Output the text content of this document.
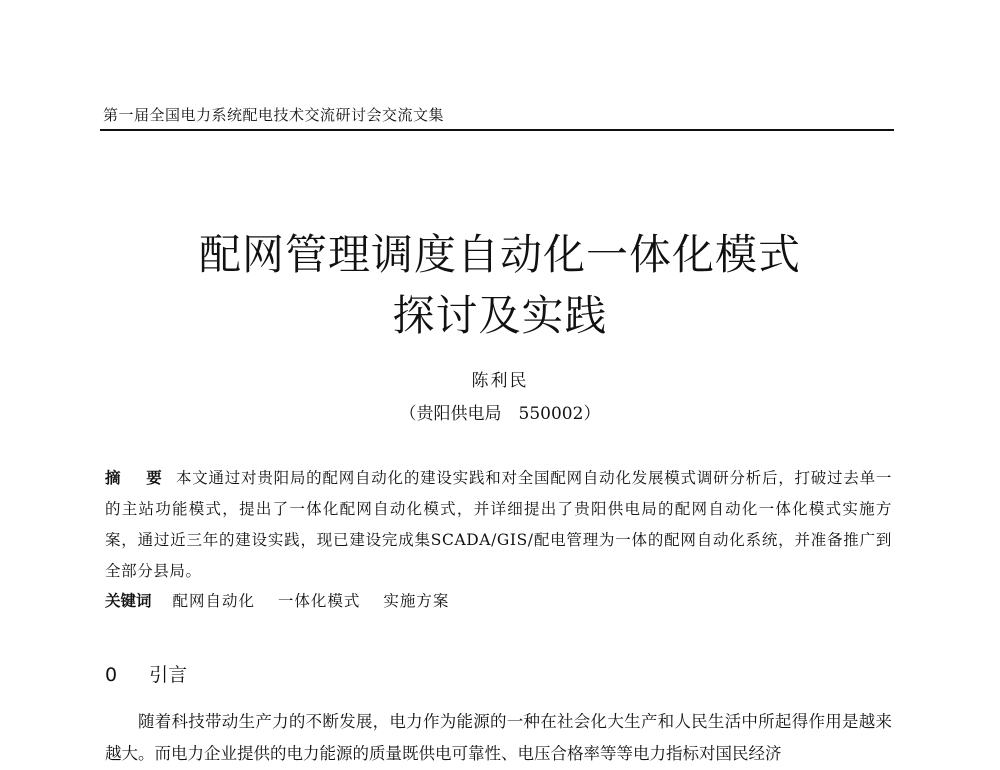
第一届全国电力系统配电技术交流研讨会交流文集
配网管理调度自动化一体化模式
探讨及实践
陈利民
（贵阳供电局　550002）
摘 要 本文通过对贵阳局的配网自动化的建设实践和对全国配网自动化发展模式调研分析后，打破过去单一的主站功能模式，提出了一体化配网自动化模式，并详细提出了贵阳供电局的配网自动化一体化模式实施方案，通过近三年的建设实践，现已建设完成集SCADA/GIS/配电管理为一体的配网自动化系统，并准备推广到全部分县局。
关键词 配网自动化 一体化模式 实施方案
0 引言
随着科技带动生产力的不断发展，电力作为能源的一种在社会化大生产和人民生活中所起得作用是越来越大。而电力企业提供的电力能源的质量既供电可靠性、电压合格率等等电力指标对国民经济
